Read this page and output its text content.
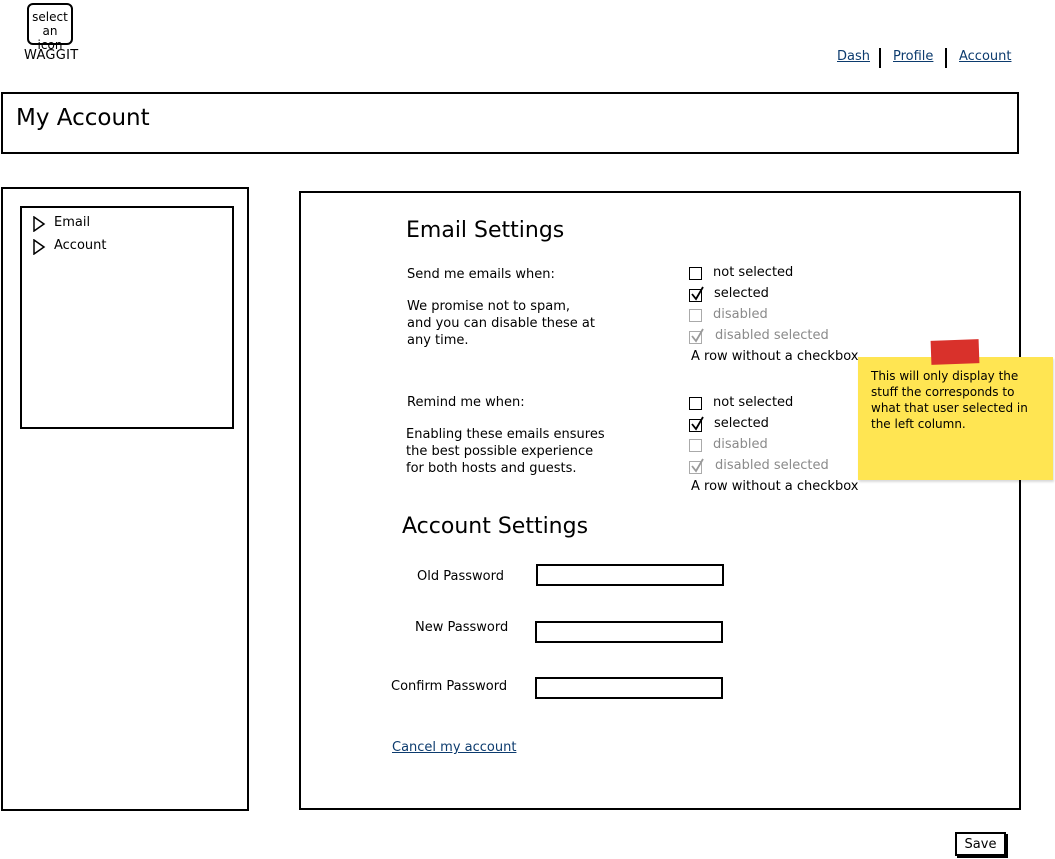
select an icon
WAGGIT	Dash Profile Account
My Account
Email
Account
Email Settings
Send me emails when:
We promise not to spam, and you can disable these at any time.
not selected
selected
disabled
disabled selected
A row without a checkbox
Remind me when:
Enabling these emails ensures the best possible experience for both hosts and guests.
not selected
selected
disabled
disabled selected
A row without a checkbox
Account Settings
Old Password
New Password
Confirm Password
Cancel my account
This will only display the stuff the corresponds to what that user selected in the left column.
Save
